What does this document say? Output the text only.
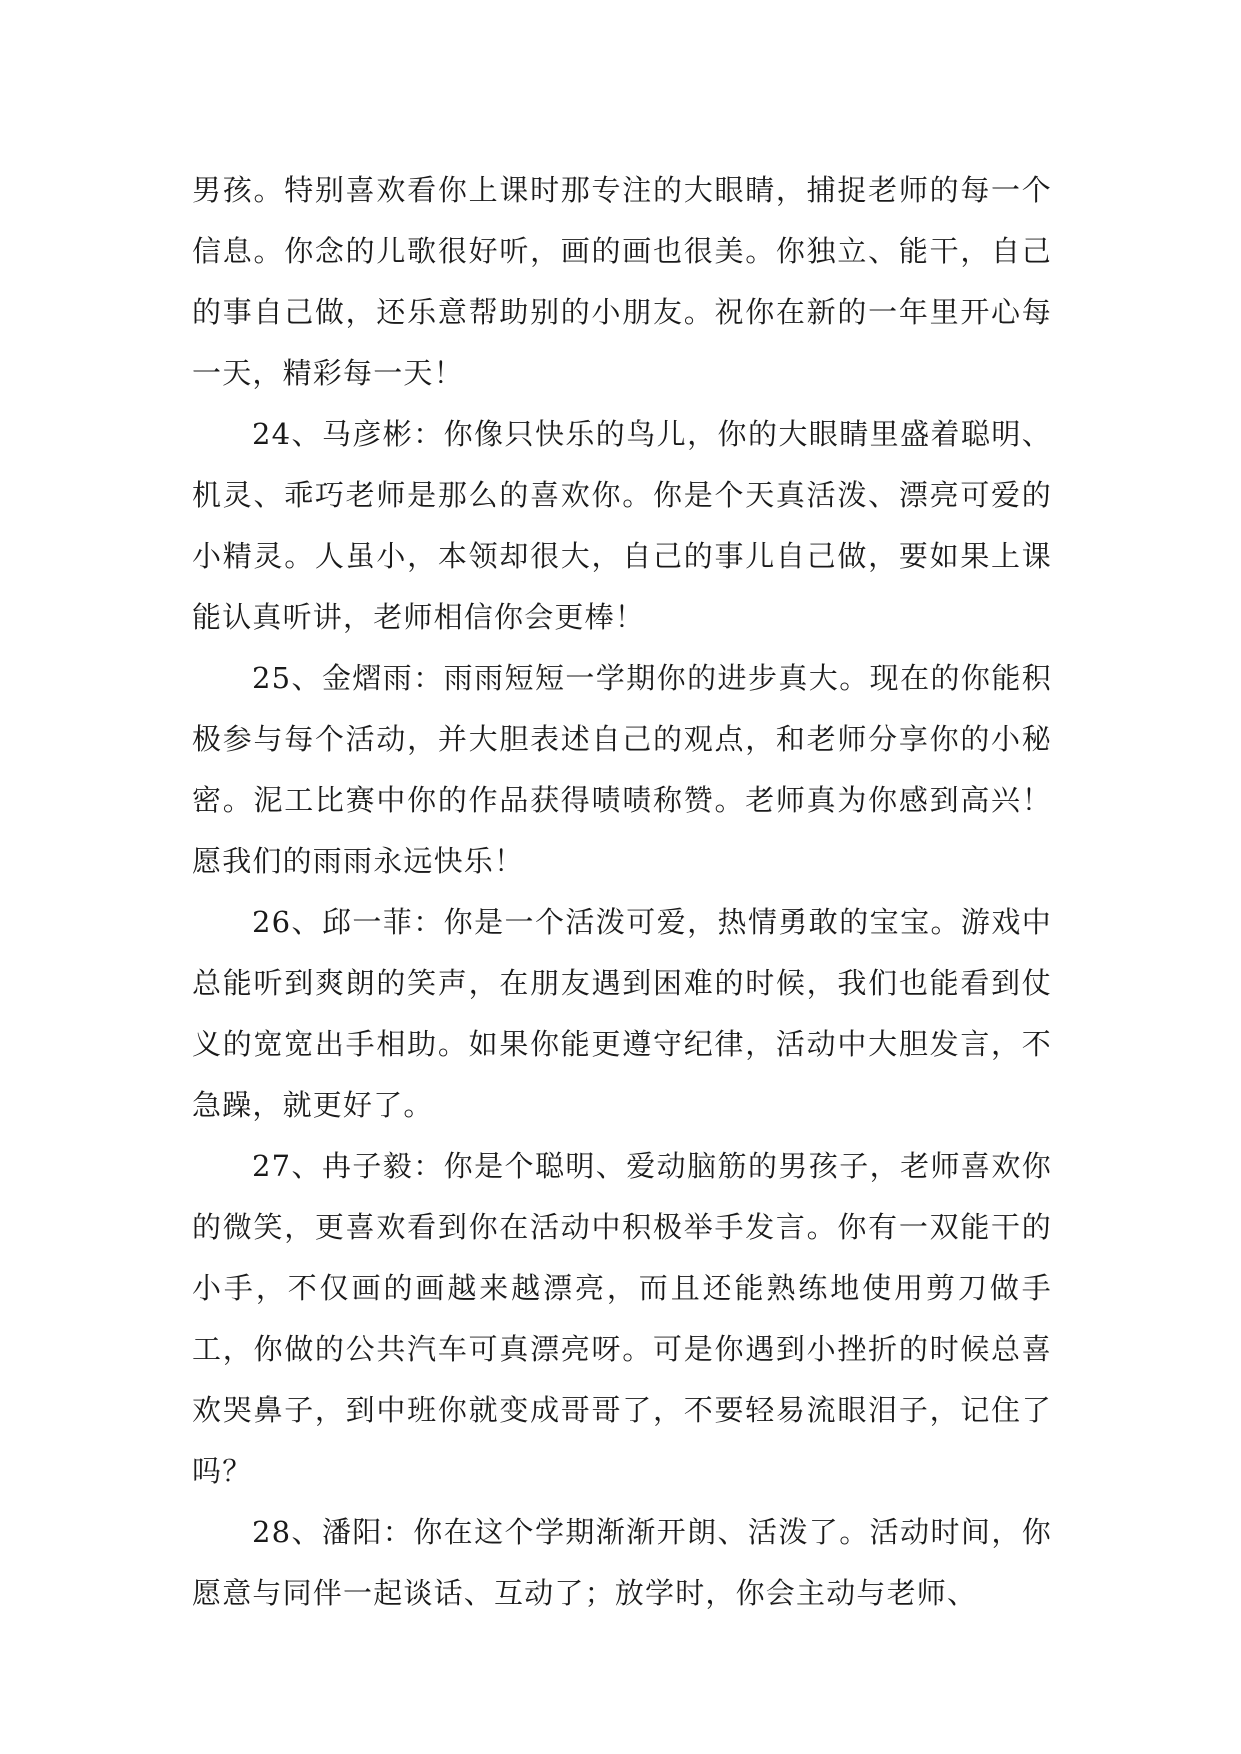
男孩。特别喜欢看你上课时那专注的大眼睛，捕捉老师的每一个信息。你念的儿歌很好听，画的画也很美。你独立、能干，自己的事自己做，还乐意帮助别的小朋友。祝你在新的一年里开心每一天，精彩每一天！

24、马彦彬：你像只快乐的鸟儿，你的大眼睛里盛着聪明、机灵、乖巧老师是那么的喜欢你。你是个天真活泼、漂亮可爱的小精灵。人虽小，本领却很大，自己的事儿自己做，要如果上课能认真听讲，老师相信你会更棒！

25、金熠雨：雨雨短短一学期你的进步真大。现在的你能积极参与每个活动，并大胆表述自己的观点，和老师分享你的小秘密。泥工比赛中你的作品获得啧啧称赞。老师真为你感到高兴！愿我们的雨雨永远快乐！

26、邱一菲：你是一个活泼可爱，热情勇敢的宝宝。游戏中总能听到爽朗的笑声，在朋友遇到困难的时候，我们也能看到仗义的宽宽出手相助。如果你能更遵守纪律，活动中大胆发言，不急躁，就更好了。

27、冉子毅：你是个聪明、爱动脑筋的男孩子，老师喜欢你的微笑，更喜欢看到你在活动中积极举手发言。你有一双能干的小手，不仅画的画越来越漂亮，而且还能熟练地使用剪刀做手工，你做的公共汽车可真漂亮呀。可是你遇到小挫折的时候总喜欢哭鼻子，到中班你就变成哥哥了，不要轻易流眼泪子，记住了吗？

28、潘阳：你在这个学期渐渐开朗、活泼了。活动时间，你愿意与同伴一起谈话、互动了；放学时，你会主动与老师、
